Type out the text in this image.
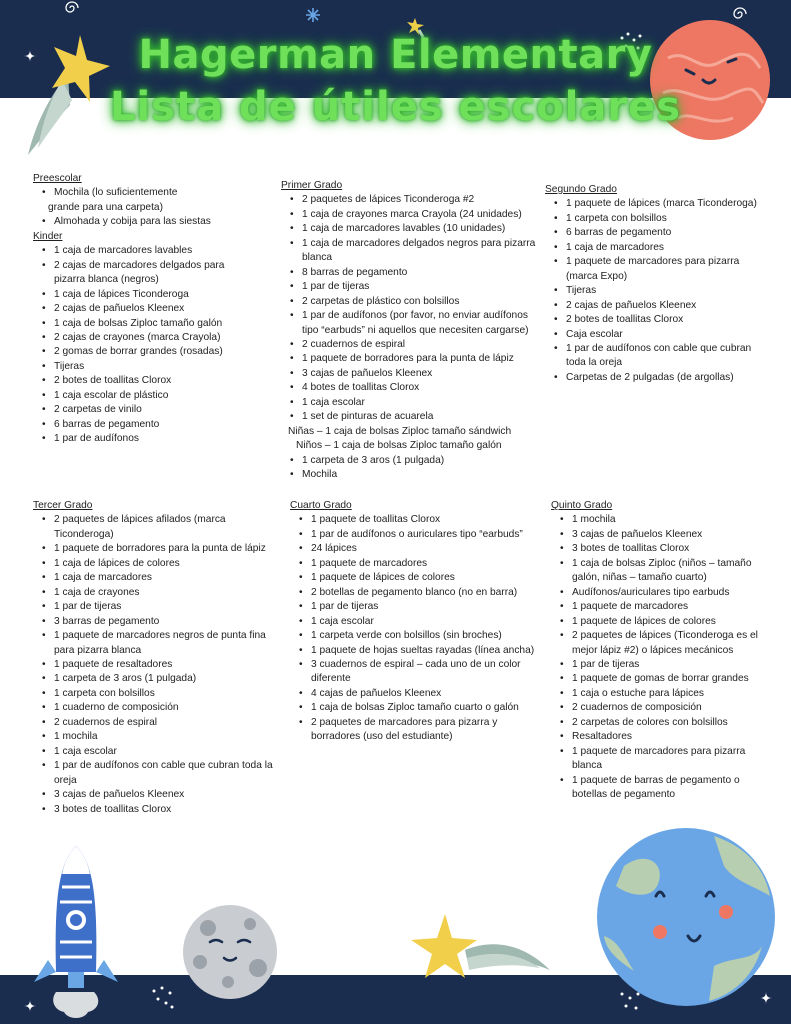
Hagerman Elementary
Lista de útiles escolares
Preescolar
• Mochila (lo suficientemente
grande para una carpeta)
• Almohada y cobija para las siestas
Kinder
• 1 caja de marcadores lavables
• 2 cajas de marcadores delgados para pizarra blanca (negros)
• 1 caja de lápices Ticonderoga
• 2 cajas de pañuelos Kleenex
• 1 caja de bolsas Ziploc tamaño galón
• 2 cajas de crayones (marca Crayola)
• 2 gomas de borrar grandes (rosadas)
• Tijeras
• 2 botes de toallitas Clorox
• 1 caja escolar de plástico
• 2 carpetas de vinilo
• 6 barras de pegamento
• 1 par de audífonos
Primer Grado
• 2 paquetes de lápices Ticonderoga #2
• 1 caja de crayones marca Crayola (24 unidades)
• 1 caja de marcadores lavables (10 unidades)
• 1 caja de marcadores delgados negros para pizarra blanca
• 8 barras de pegamento
• 1 par de tijeras
• 2 carpetas de plástico con bolsillos
• 1 par de audífonos (por favor, no enviar audífonos tipo “earbuds” ni aquellos que necesiten cargarse)
• 2 cuadernos de espiral
• 1 paquete de borradores para la punta de lápiz
• 3 cajas de pañuelos Kleenex
• 4 botes de toallitas Clorox
• 1 caja escolar
• 1 set de pinturas de acuarela
Niñas – 1 caja de bolsas Ziploc tamaño sándwich
Niños – 1 caja de bolsas Ziploc tamaño galón
• 1 carpeta de 3 aros (1 pulgada)
• Mochila
Segundo Grado
• 1 paquete de lápices (marca Ticonderoga)
• 1 carpeta con bolsillos
• 6 barras de pegamento
• 1 caja de marcadores
• 1 paquete de marcadores para pizarra (marca Expo)
• Tijeras
• 2 cajas de pañuelos Kleenex
• 2 botes de toallitas Clorox
• Caja escolar
• 1 par de audífonos con cable que cubran toda la oreja
• Carpetas de 2 pulgadas (de argollas)
Tercer Grado
• 2 paquetes de lápices afilados (marca Ticonderoga)
• 1 paquete de borradores para la punta de lápiz
• 1 caja de lápices de colores
• 1 caja de marcadores
• 1 caja de crayones
• 1 par de tijeras
• 3 barras de pegamento
• 1 paquete de marcadores negros de punta fina para pizarra blanca
• 1 paquete de resaltadores
• 1 carpeta de 3 aros (1 pulgada)
• 1 carpeta con bolsillos
• 1 cuaderno de composición
• 2 cuadernos de espiral
• 1 mochila
• 1 caja escolar
• 1 par de audífonos con cable que cubran toda la oreja
• 3 cajas de pañuelos Kleenex
• 3 botes de toallitas Clorox
Cuarto Grado
• 1 paquete de toallitas Clorox
• 1 par de audífonos o auriculares tipo “earbuds”
• 24 lápices
• 1 paquete de marcadores
• 1 paquete de lápices de colores
• 2 botellas de pegamento blanco (no en barra)
• 1 par de tijeras
• 1 caja escolar
• 1 carpeta verde con bolsillos (sin broches)
• 1 paquete de hojas sueltas rayadas (línea ancha)
• 3 cuadernos de espiral – cada uno de un color diferente
• 4 cajas de pañuelos Kleenex
• 1 caja de bolsas Ziploc tamaño cuarto o galón
• 2 paquetes de marcadores para pizarra y borradores (uso del estudiante)
Quinto Grado
• 1 mochila
• 3 cajas de pañuelos Kleenex
• 3 botes de toallitas Clorox
• 1 caja de bolsas Ziploc (niños – tamaño galón, niñas – tamaño cuarto)
• Audífonos/auriculares tipo earbuds
• 1 paquete de marcadores
• 1 paquete de lápices de colores
• 2 paquetes de lápices (Ticonderoga es el mejor lápiz #2) o lápices mecánicos
• 1 par de tijeras
• 1 paquete de gomas de borrar grandes
• 1 caja o estuche para lápices
• 2 cuadernos de composición
• 2 carpetas de colores con bolsillos
• Resaltadores
• 1 paquete de marcadores para pizarra blanca
• 1 paquete de barras de pegamento o botellas de pegamento
